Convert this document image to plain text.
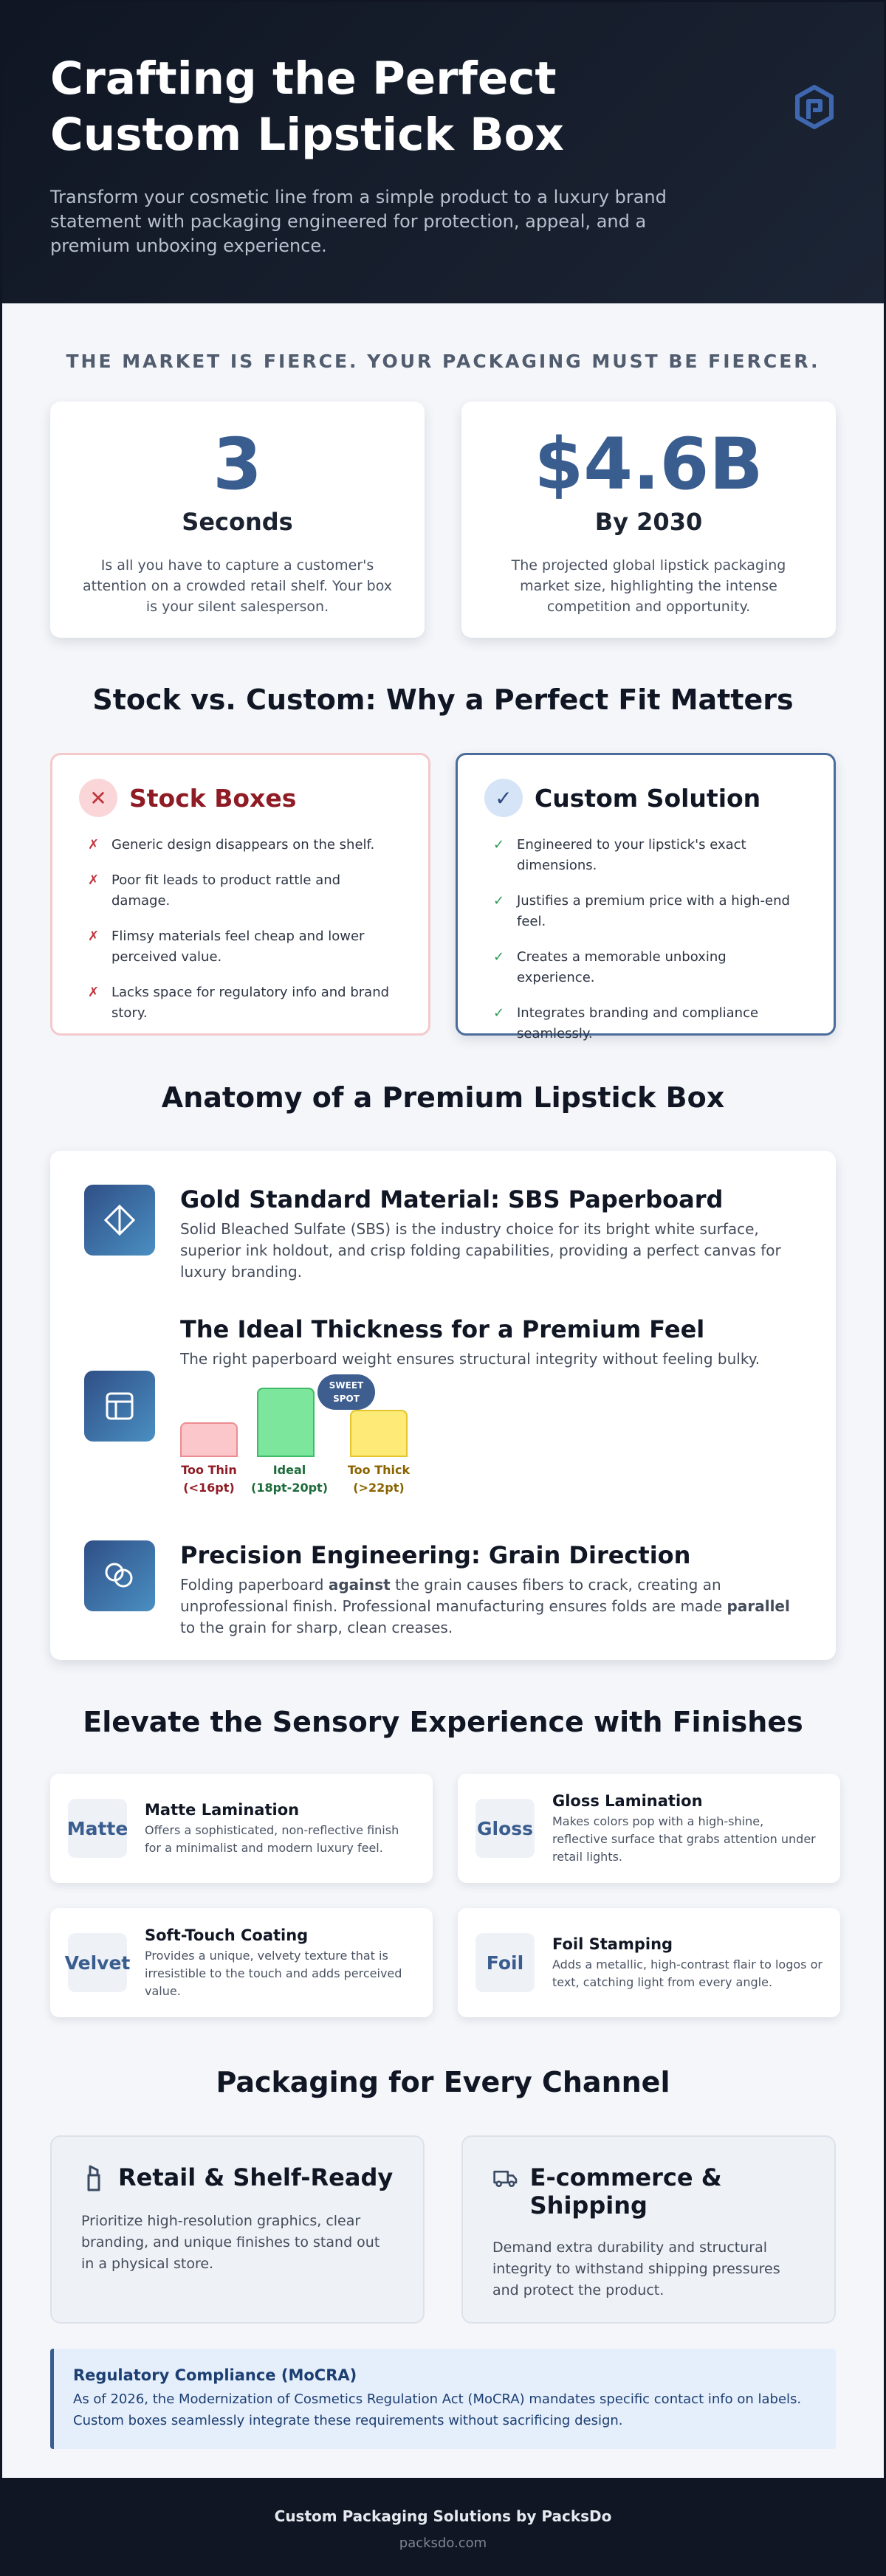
Crafting the Perfect Custom Lipstick Box

Transform your cosmetic line from a simple product to a luxury brand statement with packaging engineered for protection, appeal, and a premium unboxing experience.

THE MARKET IS FIERCE. YOUR PACKAGING MUST BE FIERCER.
3
Seconds
Is all you have to capture a customer's attention on a crowded retail shelf. Your box is your silent salesperson.
$4.6B
By 2030
The projected global lipstick packaging market size, highlighting the intense competition and opportunity.
Stock vs. Custom: Why a Perfect Fit Matters
✕ Stock Boxes
✗ Generic design disappears on the shelf.
✗ Poor fit leads to product rattle and damage.
✗ Flimsy materials feel cheap and lower perceived value.
✗ Lacks space for regulatory info and brand story.
✓ Custom Solution
✓ Engineered to your lipstick's exact dimensions.
✓ Justifies a premium price with a high-end feel.
✓ Creates a memorable unboxing experience.
✓ Integrates branding and compliance seamlessly.
Anatomy of a Premium Lipstick Box
Gold Standard Material: SBS Paperboard
Solid Bleached Sulfate (SBS) is the industry choice for its bright white surface, superior ink holdout, and crisp folding capabilities, providing a perfect canvas for luxury branding.
The Ideal Thickness for a Premium Feel
The right paperboard weight ensures structural integrity without feeling bulky.
SWEET SPOT
Too Thin
(<16pt)
Ideal
(18pt-20pt)
Too Thick
(>22pt)
Precision Engineering: Grain Direction
Folding paperboard against the grain causes fibers to crack, creating an unprofessional finish. Professional manufacturing ensures folds are made parallel to the grain for sharp, clean creases.
Elevate the Sensory Experience with Finishes
Matte
Matte Lamination
Offers a sophisticated, non-reflective finish for a minimalist and modern luxury feel.
Gloss
Gloss Lamination
Makes colors pop with a high-shine, reflective surface that grabs attention under retail lights.
Velvet
Soft-Touch Coating
Provides a unique, velvety texture that is irresistible to the touch and adds perceived value.
Foil
Foil Stamping
Adds a metallic, high-contrast flair to logos or text, catching light from every angle.
Packaging for Every Channel
Retail & Shelf-Ready
Prioritize high-resolution graphics, clear branding, and unique finishes to stand out in a physical store.
E-commerce & Shipping
Demand extra durability and structural integrity to withstand shipping pressures and protect the product.
Regulatory Compliance (MoCRA)
As of 2026, the Modernization of Cosmetics Regulation Act (MoCRA) mandates specific contact info on labels. Custom boxes seamlessly integrate these requirements without sacrificing design.
Custom Packaging Solutions by PacksDo
packsdo.com
